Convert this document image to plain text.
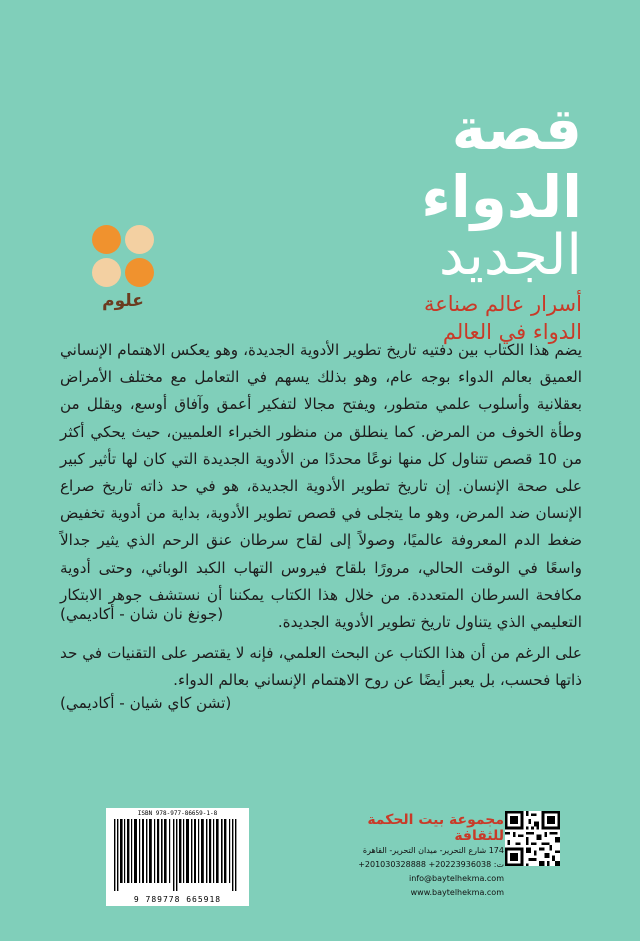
قصة
الدواء
الجديد
أسرار عالم صناعة
الدواء في العالم
علوم
يضم هذا الكتاب بين دفتيه تاريخ تطوير الأدوية الجديدة، وهو يعكس الاهتمام الإنساني العميق بعالم الدواء بوجه عام، وهو بذلك يسهم في التعامل مع مختلف الأمراض بعقلانية وأسلوب علمي متطور، ويفتح مجالا لتفكير أعمق وآفاق أوسع، ويقلل من وطأة الخوف من المرض. كما ينطلق من منظور الخبراء العلميين، حيث يحكي أكثر من 10 قصص تتناول كل منها نوعًا محددًا من الأدوية الجديدة التي كان لها تأثير كبير على صحة الإنسان. إن تاريخ تطوير الأدوية الجديدة، هو في حد ذاته تاريخ صراع الإنسان ضد المرض، وهو ما يتجلى في قصص تطوير الأدوية، بداية من أدوية تخفيض ضغط الدم المعروفة عالميًا، وصولاً إلى لقاح سرطان عنق الرحم الذي يثير جدالاً واسعًا في الوقت الحالي، مرورًا بلقاح فيروس التهاب الكبد الوبائي، وحتى أدوية مكافحة السرطان المتعددة. من خلال هذا الكتاب يمكننا أن نستشف جوهر الابتكار التعليمي الذي يتناول تاريخ تطوير الأدوية الجديدة.
(جونغ نان شان - أكاديمي)
على الرغم من أن هذا الكتاب عن البحث العلمي، فإنه لا يقتصر على التقنيات في حد ذاتها فحسب، بل يعبر أيضًا عن روح الاهتمام الإنساني بعالم الدواء.
(تشن كاي شيان - أكاديمي)
ISBN 978-977-86659-1-8
9 789778 665918
مجموعة بيت الحكمة للثقافة
174 شارع التحرير- ميدان التحرير- القاهرة
ت: 20223936038+ 201030328888+
info@baytelhekma.com
www.baytelhekma.com
